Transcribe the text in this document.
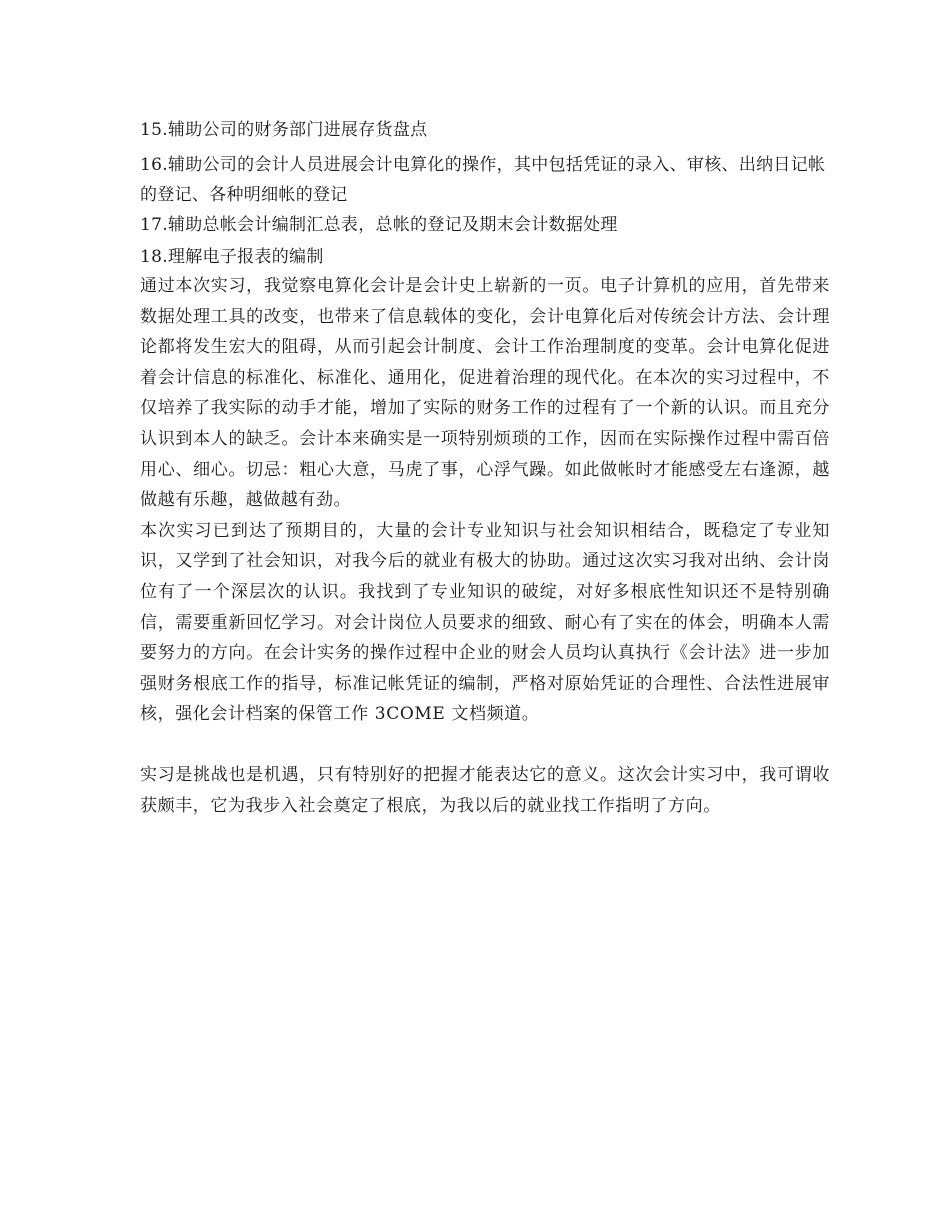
15.辅助公司的财务部门进展存货盘点

16.辅助公司的会计人员进展会计电算化的操作，其中包括凭证的录入、审核、出纳日记帐的登记、各种明细帐的登记

17.辅助总帐会计编制汇总表，总帐的登记及期末会计数据处理

18.理解电子报表的编制

通过本次实习，我觉察电算化会计是会计史上崭新的一页。电子计算机的应用，首先带来数据处理工具的改变，也带来了信息载体的变化，会计电算化后对传统会计方法、会计理论都将发生宏大的阻碍，从而引起会计制度、会计工作治理制度的变革。会计电算化促进着会计信息的标准化、标准化、通用化，促进着治理的现代化。在本次的实习过程中，不仅培养了我实际的动手才能，增加了实际的财务工作的过程有了一个新的认识。而且充分认识到本人的缺乏。会计本来确实是一项特别烦琐的工作，因而在实际操作过程中需百倍用心、细心。切忌：粗心大意，马虎了事，心浮气躁。如此做帐时才能感受左右逢源，越做越有乐趣，越做越有劲。

本次实习已到达了预期目的，大量的会计专业知识与社会知识相结合，既稳定了专业知识，又学到了社会知识，对我今后的就业有极大的协助。通过这次实习我对出纳、会计岗位有了一个深层次的认识。我找到了专业知识的破绽，对好多根底性知识还不是特别确信，需要重新回忆学习。对会计岗位人员要求的细致、耐心有了实在的体会，明确本人需要努力的方向。在会计实务的操作过程中企业的财会人员均认真执行《会计法》进一步加强财务根底工作的指导，标准记帐凭证的编制，严格对原始凭证的合理性、合法性进展审核，强化会计档案的保管工作 3COME 文档频道。

实习是挑战也是机遇，只有特别好的把握才能表达它的意义。这次会计实习中，我可谓收获颇丰，它为我步入社会奠定了根底，为我以后的就业找工作指明了方向。
